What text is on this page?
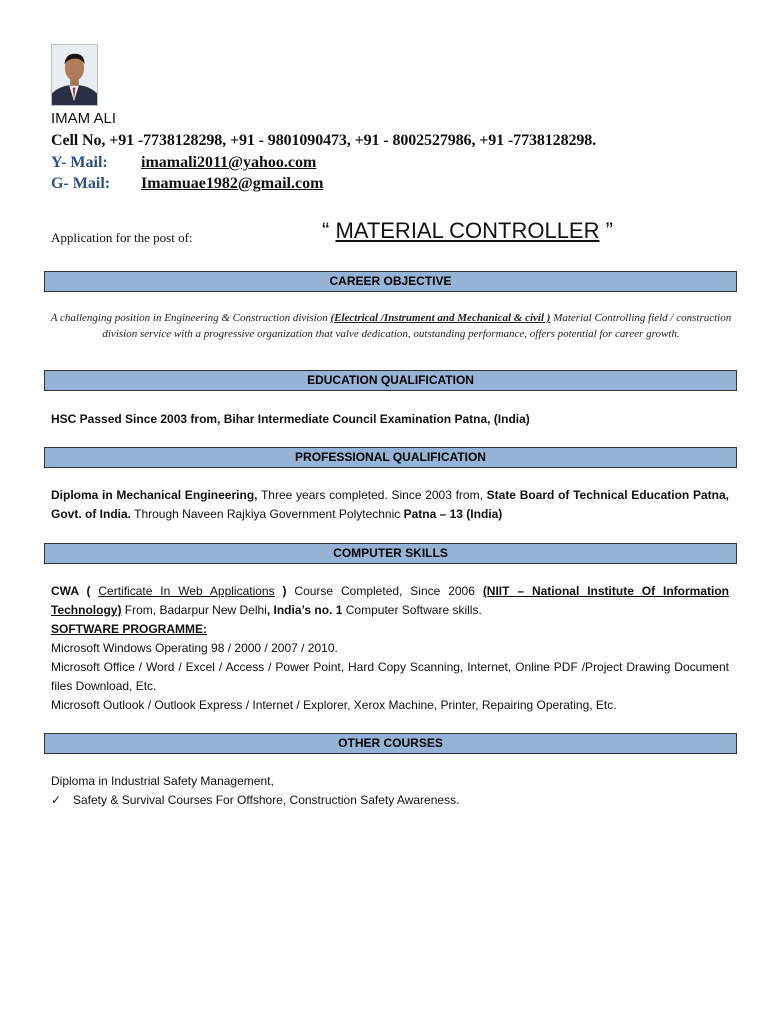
IMAM ALI
Cell No, +91 -7738128298, +91 - 9801090473, +91 - 8002527986, +91 -7738128298.
Y- Mail: imamali2011@yahoo.com
G- Mail: Imamuae1982@gmail.com
Application for the post of:	“ MATERIAL CONTROLLER ”
CAREER OBJECTIVE
A challenging position in Engineering & Construction division (Electrical /Instrument and Mechanical & civil ) Material Controlling field / construction division service with a progressive organization that valve dedication, outstanding performance, offers potential for career growth.
EDUCATION QUALIFICATION
HSC Passed Since 2003 from, Bihar Intermediate Council Examination Patna, (India)
PROFESSIONAL QUALIFICATION
Diploma in Mechanical Engineering, Three years completed. Since 2003 from, State Board of Technical Education Patna, Govt. of India. Through Naveen Rajkiya Government Polytechnic Patna – 13 (India)
COMPUTER SKILLS
CWA ( Certificate In Web Applications ) Course Completed, Since 2006 (NIIT – National Institute Of Information Technology) From, Badarpur New Delhi, India’s no. 1 Computer Software skills.
SOFTWARE PROGRAMME:
Microsoft Windows Operating 98 / 2000 / 2007 / 2010.
Microsoft Office / Word / Excel / Access / Power Point, Hard Copy Scanning, Internet, Online PDF /Project Drawing Document files Download, Etc.
Microsoft Outlook / Outlook Express / Internet / Explorer, Xerox Machine, Printer, Repairing Operating, Etc.
OTHER COURSES
Diploma in Industrial Safety Management,
✓ Safety & Survival Courses For Offshore, Construction Safety Awareness.
